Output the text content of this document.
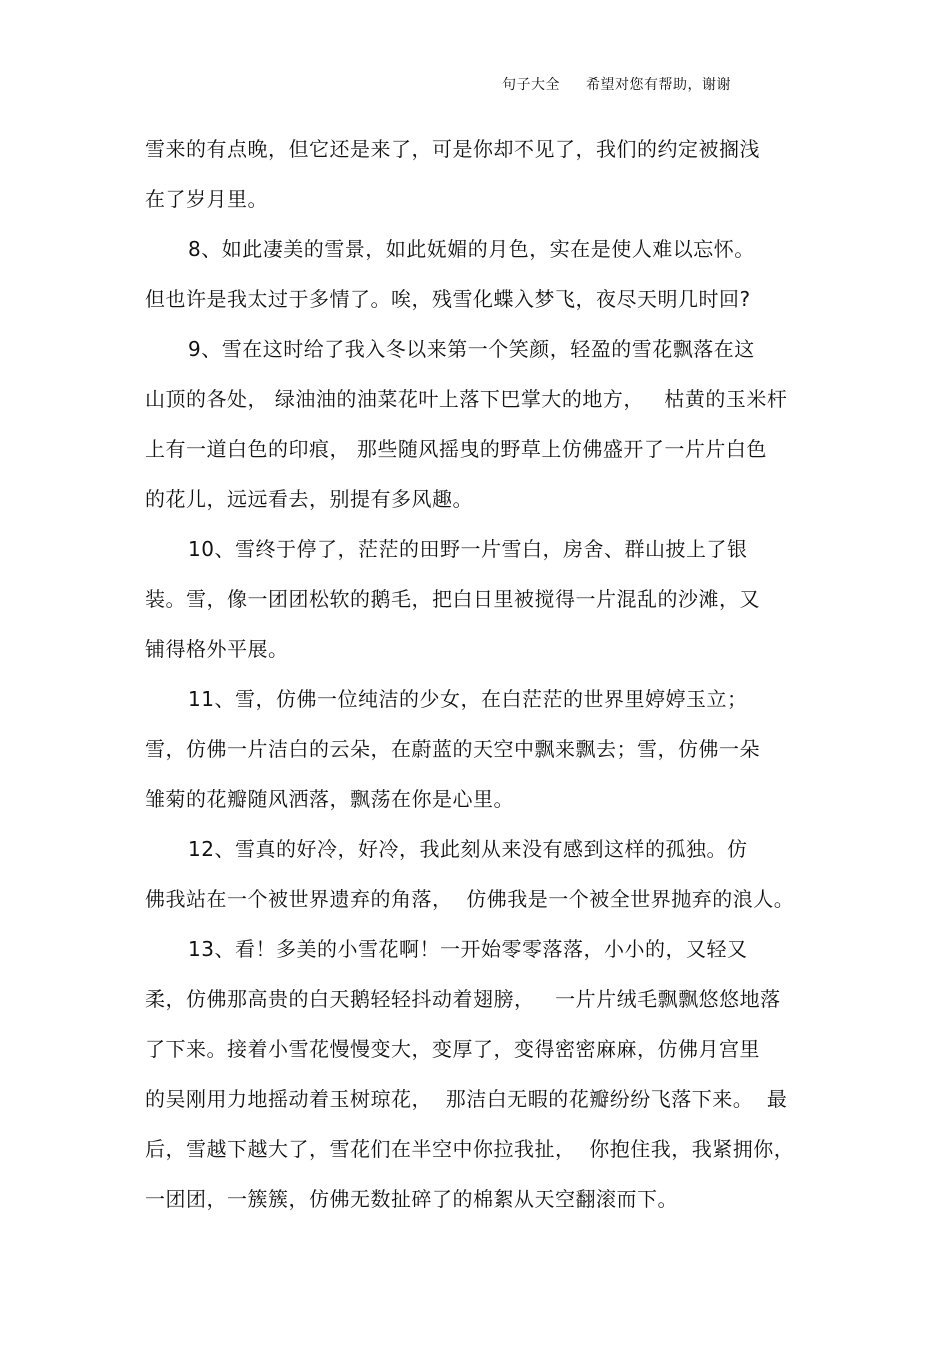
句子大全 希望对您有帮助，谢谢
雪来的有点晚，但它还是来了，可是你却不见了，我们的约定被搁浅
在了岁月里。
8、如此凄美的雪景，如此妩媚的月色，实在是使人难以忘怀。
但也许是我太过于多情了。唉，残雪化蝶入梦飞，夜尽天明几时回?
9、雪在这时给了我入冬以来第一个笑颜，轻盈的雪花飘落在这
山顶的各处， 绿油油的油菜花叶上落下巴掌大的地方，   枯黄的玉米杆
上有一道白色的印痕， 那些随风摇曳的野草上仿佛盛开了一片片白色
的花儿，远远看去，别提有多风趣。
10、雪终于停了，茫茫的田野一片雪白，房舍、群山披上了银
装。雪，像一团团松软的鹅毛，把白日里被搅得一片混乱的沙滩，又
铺得格外平展。
11、雪，仿佛一位纯洁的少女，在白茫茫的世界里婷婷玉立；
雪，仿佛一片洁白的云朵，在蔚蓝的天空中飘来飘去；雪，仿佛一朵
雏菊的花瓣随风洒落，飘荡在你是心里。
12、雪真的好冷，好冷，我此刻从来没有感到这样的孤独。仿
佛我站在一个被世界遗弃的角落，  仿佛我是一个被全世界抛弃的浪人。
13、看！多美的小雪花啊！一开始零零落落，小小的，又轻又
柔，仿佛那高贵的白天鹅轻轻抖动着翅膀，   一片片绒毛飘飘悠悠地落
了下来。接着小雪花慢慢变大，变厚了，变得密密麻麻，仿佛月宫里
的吴刚用力地摇动着玉树琼花，  那洁白无暇的花瓣纷纷飞落下来。  最
后，雪越下越大了，雪花们在半空中你拉我扯，  你抱住我，我紧拥你，
一团团，一簇簇，仿佛无数扯碎了的棉絮从天空翻滚而下。
